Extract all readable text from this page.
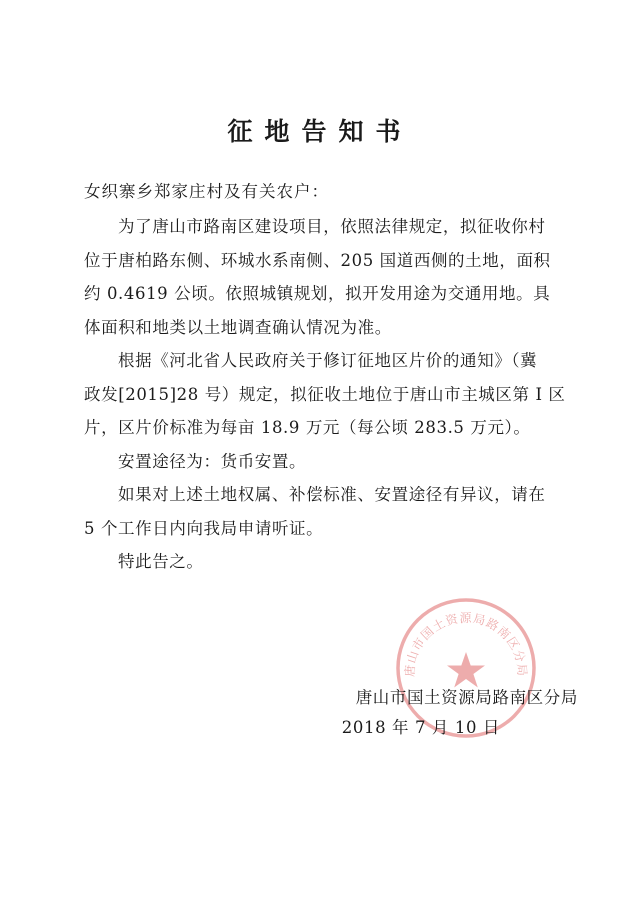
征地告知书
女织寨乡郑家庄村及有关农户：
为了唐山市路南区建设项目，依照法律规定，拟征收你村
位于唐柏路东侧、环城水系南侧、205 国道西侧的土地，面积
约 0.4619 公顷。依照城镇规划，拟开发用途为交通用地。具
体面积和地类以土地调查确认情况为准。
根据《河北省人民政府关于修订征地区片价的通知》（冀
政发[2015]28 号）规定，拟征收土地位于唐山市主城区第 I 区
片，区片价标准为每亩 18.9 万元（每公顷 283.5 万元）。
安置途径为：货币安置。
如果对上述土地权属、补偿标准、安置途径有异议，请在
5 个工作日内向我局申请听证。
特此告之。
唐山市国土资源局路南区分局
唐山市国土资源局路南区分局
2018 年 7 月 10 日
